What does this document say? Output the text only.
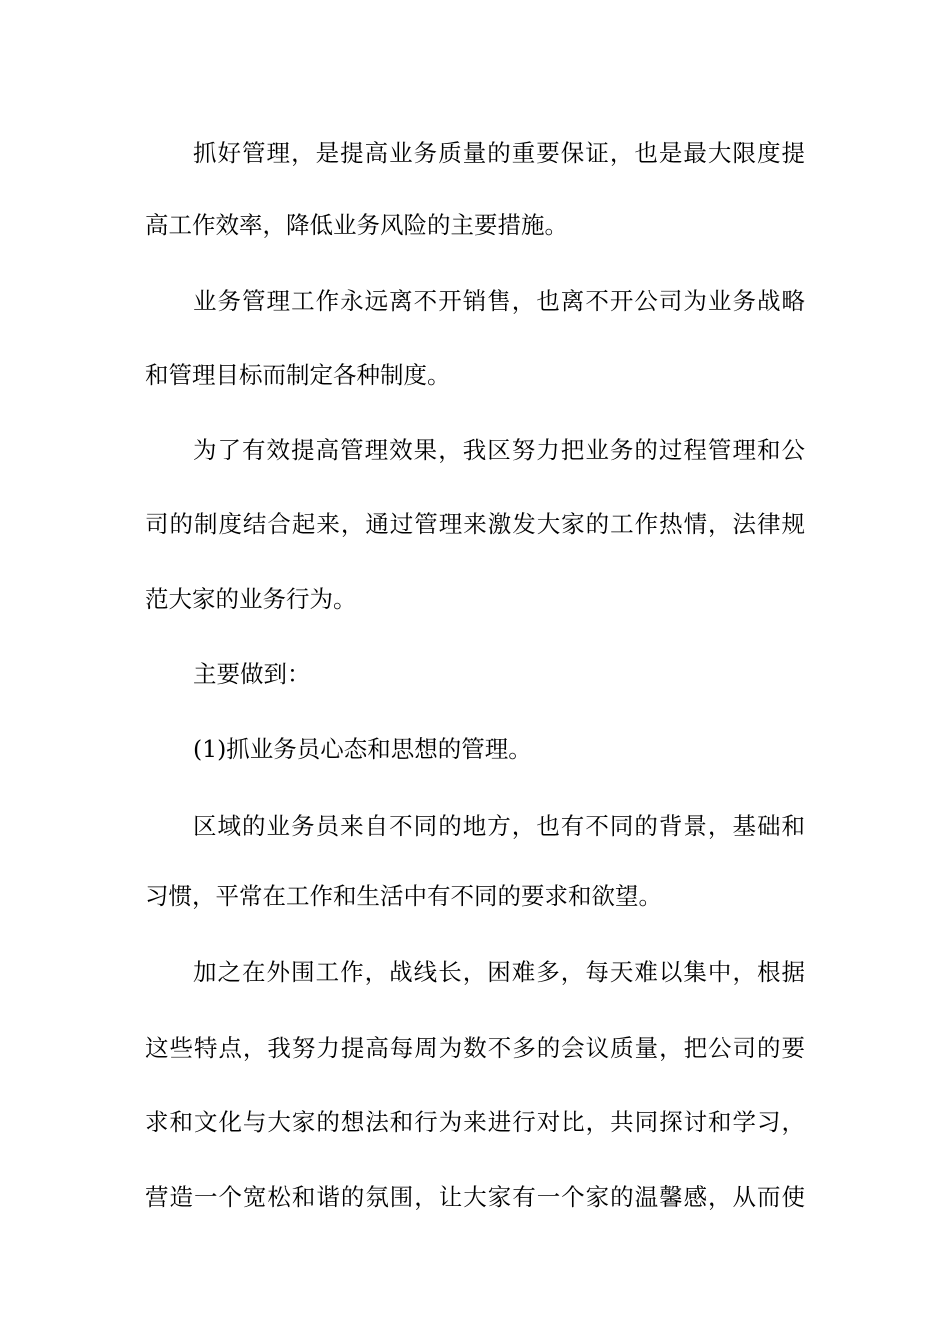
抓好管理，是提高业务质量的重要保证，也是最大限度提
高工作效率，降低业务风险的主要措施。
业务管理工作永远离不开销售，也离不开公司为业务战略
和管理目标而制定各种制度。
为了有效提高管理效果，我区努力把业务的过程管理和公
司的制度结合起来，通过管理来激发大家的工作热情，法律规
范大家的业务行为。
主要做到：
(1)抓业务员心态和思想的管理。
区域的业务员来自不同的地方，也有不同的背景，基础和
习惯，平常在工作和生活中有不同的要求和欲望。
加之在外围工作，战线长，困难多，每天难以集中，根据
这些特点，我努力提高每周为数不多的会议质量，把公司的要
求和文化与大家的想法和行为来进行对比，共同探讨和学习，
营造一个宽松和谐的氛围，让大家有一个家的温馨感，从而使
